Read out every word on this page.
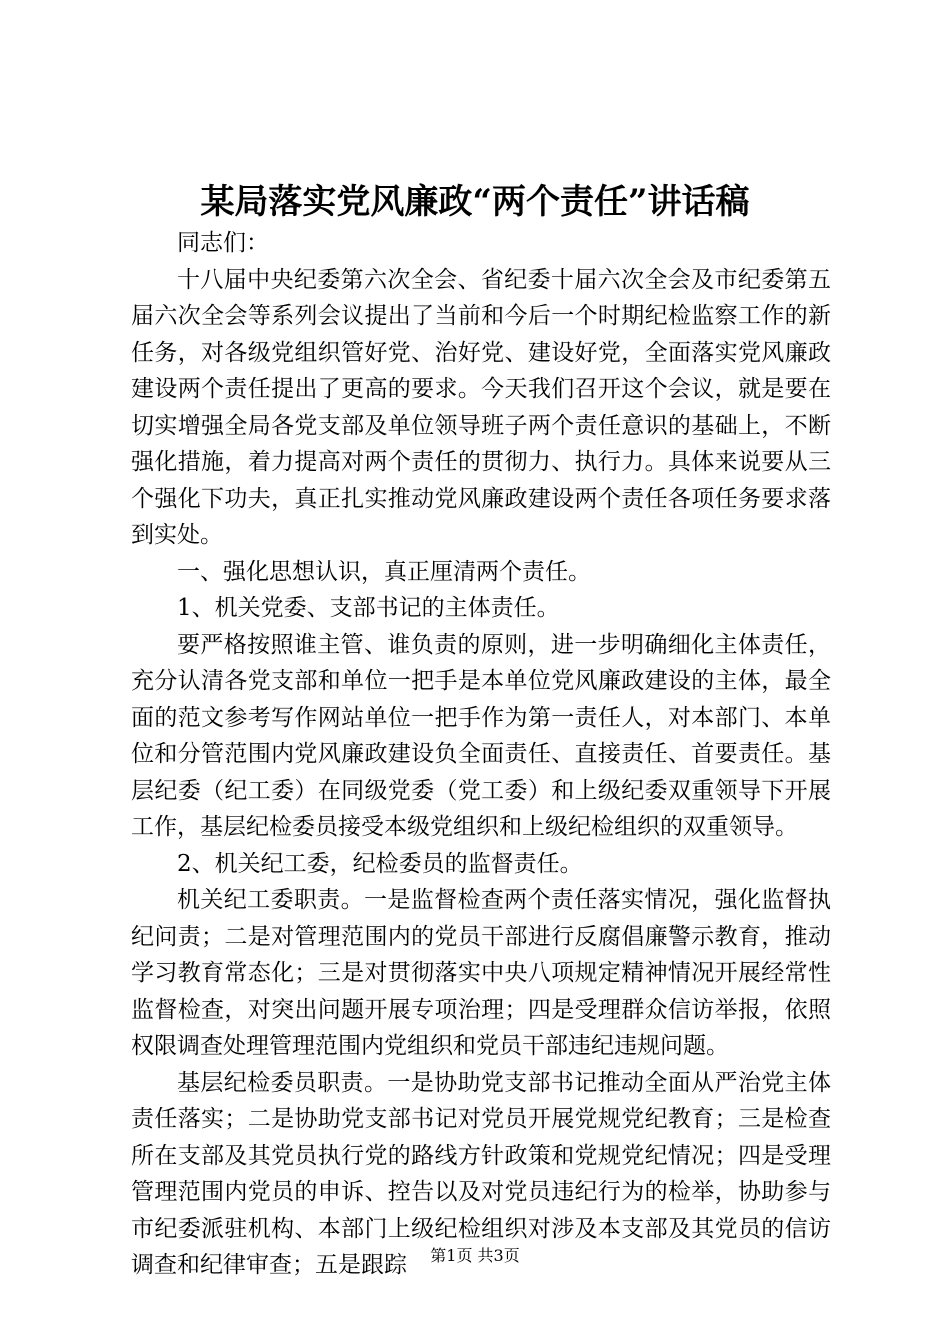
某局落实党风廉政“两个责任”讲话稿

同志们：

十八届中央纪委第六次全会、省纪委十届六次全会及市纪委第五届六次全会等系列会议提出了当前和今后一个时期纪检监察工作的新任务，对各级党组织管好党、治好党、建设好党，全面落实党风廉政建设两个责任提出了更高的要求。今天我们召开这个会议，就是要在切实增强全局各党支部及单位领导班子两个责任意识的基础上，不断强化措施，着力提高对两个责任的贯彻力、执行力。具体来说要从三个强化下功夫，真正扎实推动党风廉政建设两个责任各项任务要求落到实处。

一、强化思想认识，真正厘清两个责任。

1、机关党委、支部书记的主体责任。

要严格按照谁主管、谁负责的原则，进一步明确细化主体责任，充分认清各党支部和单位一把手是本单位党风廉政建设的主体，最全面的范文参考写作网站单位一把手作为第一责任人，对本部门、本单位和分管范围内党风廉政建设负全面责任、直接责任、首要责任。基层纪委（纪工委）在同级党委（党工委）和上级纪委双重领导下开展工作，基层纪检委员接受本级党组织和上级纪检组织的双重领导。

2、机关纪工委，纪检委员的监督责任。

机关纪工委职责。一是监督检查两个责任落实情况，强化监督执纪问责；二是对管理范围内的党员干部进行反腐倡廉警示教育，推动学习教育常态化；三是对贯彻落实中央八项规定精神情况开展经常性监督检查，对突出问题开展专项治理；四是受理群众信访举报，依照权限调查处理管理范围内党组织和党员干部违纪违规问题。

基层纪检委员职责。一是协助党支部书记推动全面从严治党主体责任落实；二是协助党支部书记对党员开展党规党纪教育；三是检查所在支部及其党员执行党的路线方针政策和党规党纪情况；四是受理管理范围内党员的申诉、控告以及对党员违纪行为的检举，协助参与市纪委派驻机构、本部门上级纪检组织对涉及本支部及其党员的信访调查和纪律审查；五是跟踪	第1页 共3页
